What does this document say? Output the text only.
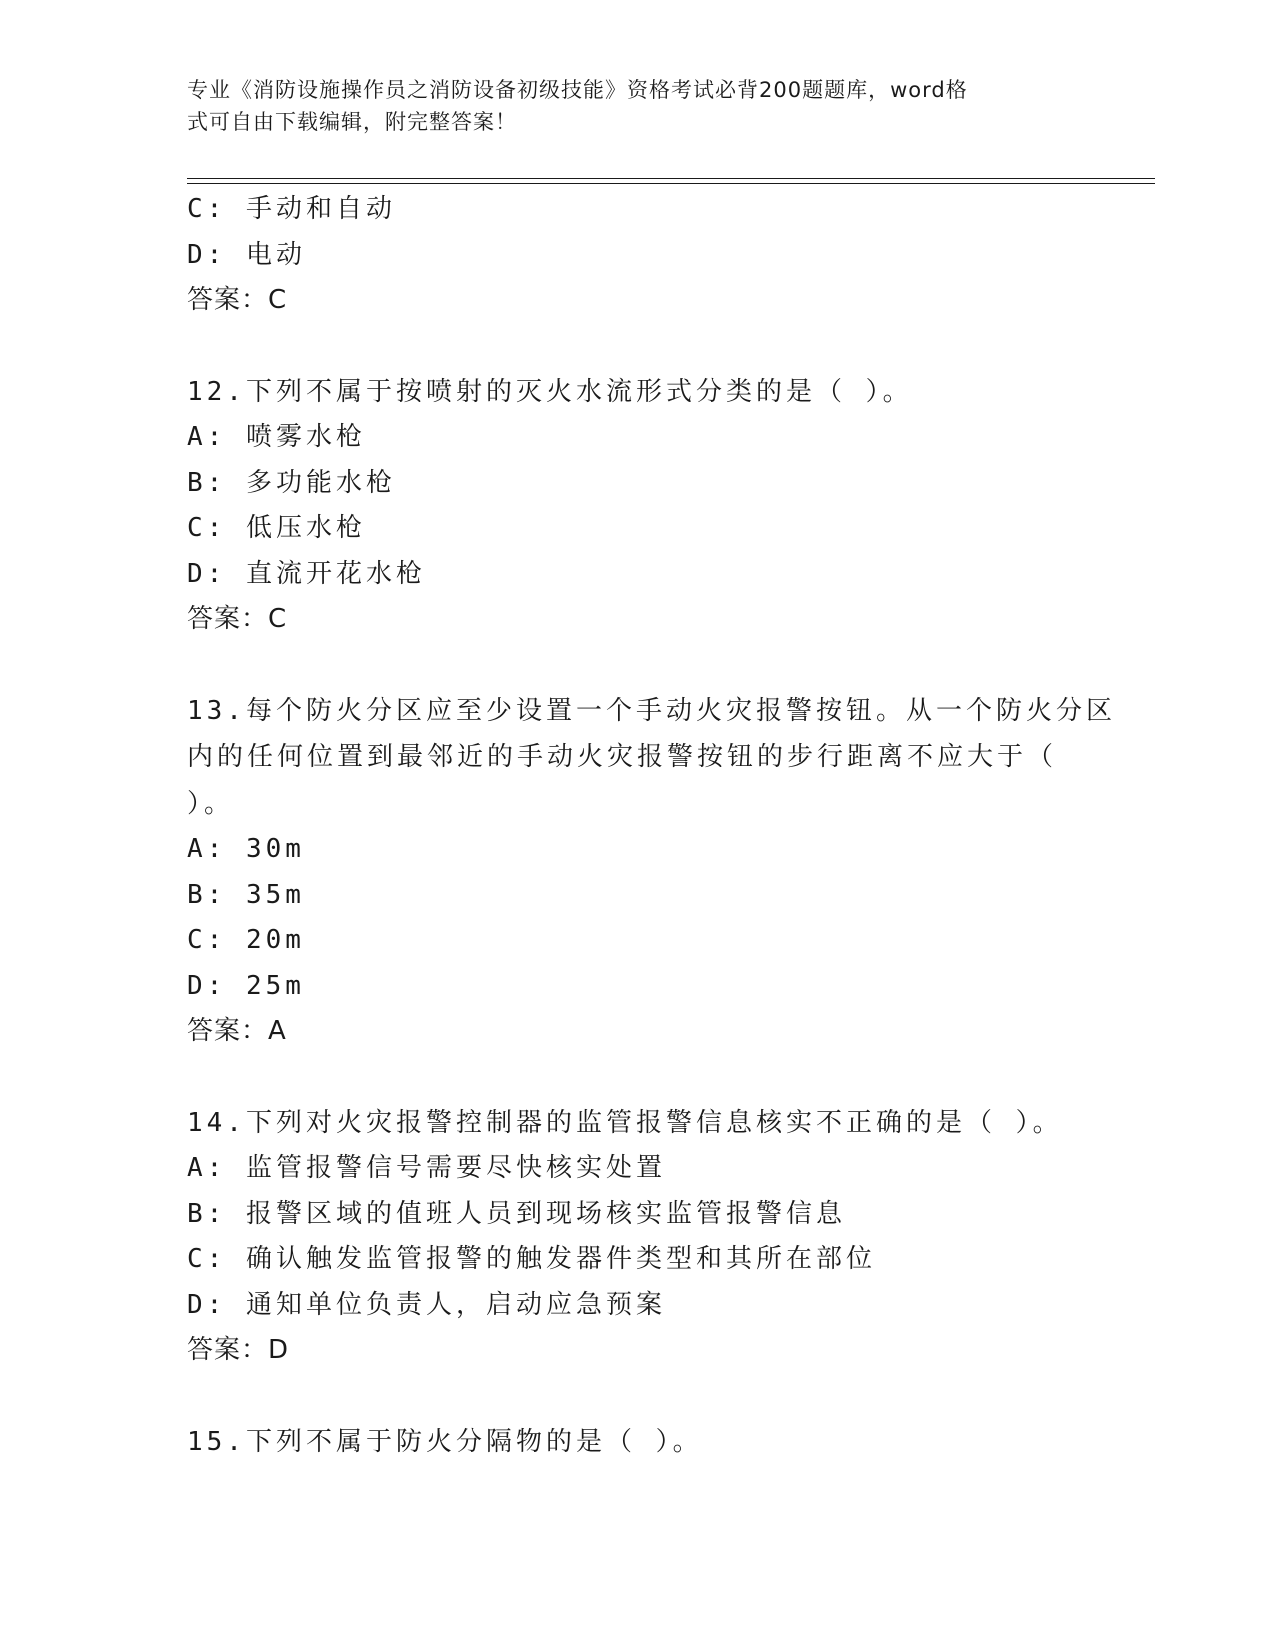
专业《消防设施操作员之消防设备初级技能》资格考试必背200题题库，word格
式可自由下载编辑，附完整答案！
C: 手动和自动
D: 电动
答案：C
12.下列不属于按喷射的灭火水流形式分类的是（ ）。
A: 喷雾水枪
B: 多功能水枪
C: 低压水枪
D: 直流开花水枪
答案：C
13.每个防火分区应至少设置一个手动火灾报警按钮。从一个防火分区
内的任何位置到最邻近的手动火灾报警按钮的步行距离不应大于（
）。
A: 30m
B: 35m
C: 20m
D: 25m
答案：A
14.下列对火灾报警控制器的监管报警信息核实不正确的是（ ）。
A: 监管报警信号需要尽快核实处置
B: 报警区域的值班人员到现场核实监管报警信息
C: 确认触发监管报警的触发器件类型和其所在部位
D: 通知单位负责人，启动应急预案
答案：D
15.下列不属于防火分隔物的是（ ）。
